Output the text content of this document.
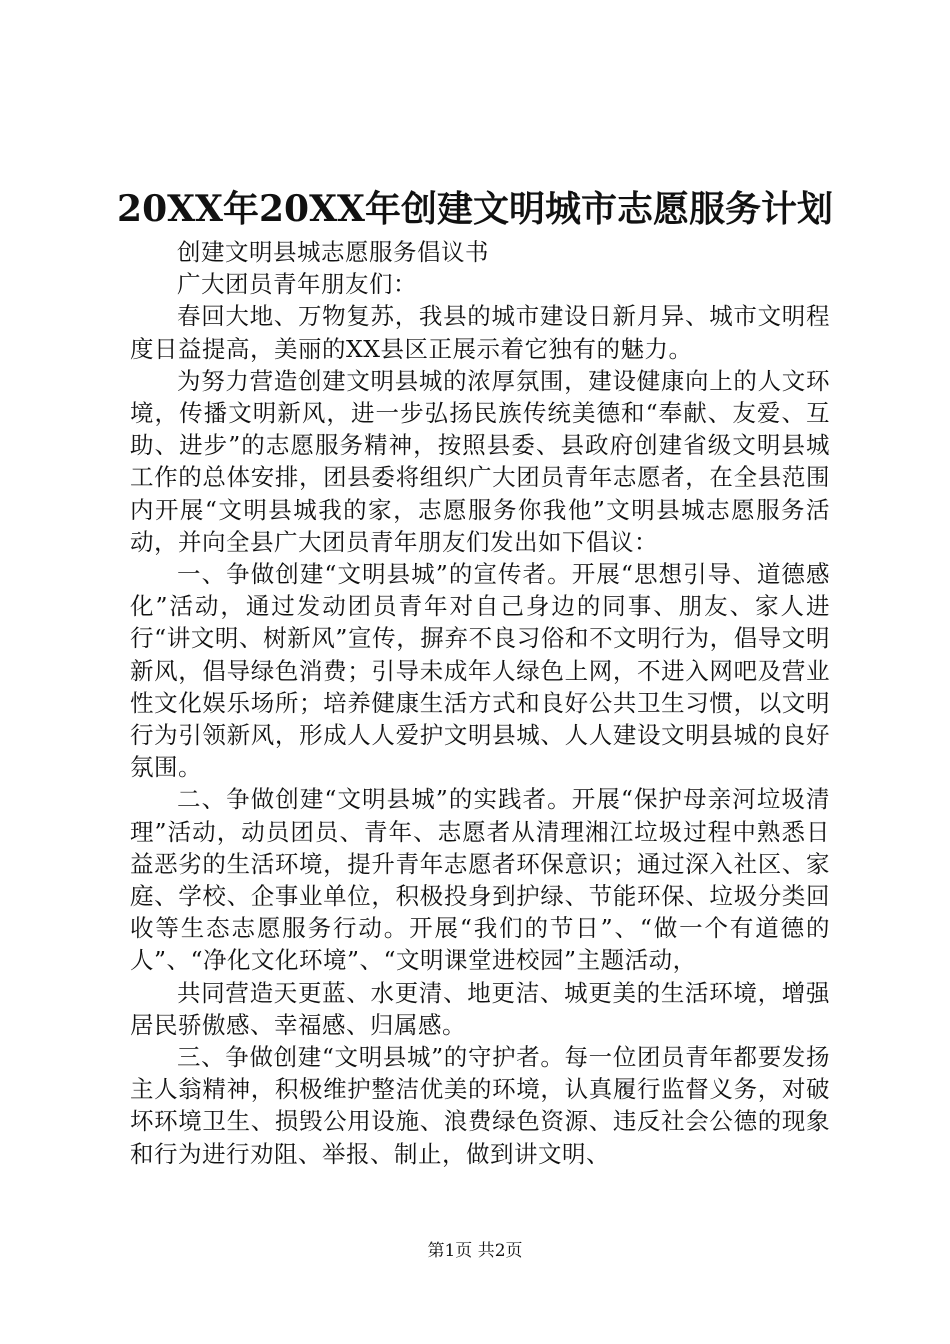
20XX年20XX年创建文明城市志愿服务计划

创建文明县城志愿服务倡议书

广大团员青年朋友们：

春回大地、万物复苏，我县的城市建设日新月异、城市文明程度日益提高，美丽的XX县区正展示着它独有的魅力。

为努力营造创建文明县城的浓厚氛围，建设健康向上的人文环境，传播文明新风，进一步弘扬民族传统美德和“奉献、友爱、互助、进步”的志愿服务精神，按照县委、县政府创建省级文明县城工作的总体安排，团县委将组织广大团员青年志愿者，在全县范围内开展“文明县城我的家，志愿服务你我他”文明县城志愿服务活动，并向全县广大团员青年朋友们发出如下倡议：

一、争做创建“文明县城”的宣传者。开展“思想引导、道德感化”活动，通过发动团员青年对自己身边的同事、朋友、家人进行“讲文明、树新风”宣传，摒弃不良习俗和不文明行为，倡导文明新风，倡导绿色消费；引导未成年人绿色上网，不进入网吧及营业性文化娱乐场所；培养健康生活方式和良好公共卫生习惯，以文明行为引领新风，形成人人爱护文明县城、人人建设文明县城的良好氛围。

二、争做创建“文明县城”的实践者。开展“保护母亲河垃圾清理”活动，动员团员、青年、志愿者从清理湘江垃圾过程中熟悉日益恶劣的生活环境，提升青年志愿者环保意识；通过深入社区、家庭、学校、企事业单位，积极投身到护绿、节能环保、垃圾分类回收等生态志愿服务行动。开展“我们的节日”、“做一个有道德的人”、“净化文化环境”、“文明课堂进校园”主题活动，

共同营造天更蓝、水更清、地更洁、城更美的生活环境，增强居民骄傲感、幸福感、归属感。

三、争做创建“文明县城”的守护者。每一位团员青年都要发扬主人翁精神，积极维护整洁优美的环境，认真履行监督义务，对破坏环境卫生、损毁公用设施、浪费绿色资源、违反社会公德的现象和行为进行劝阻、举报、制止，做到讲文明、

第1页 共2页
